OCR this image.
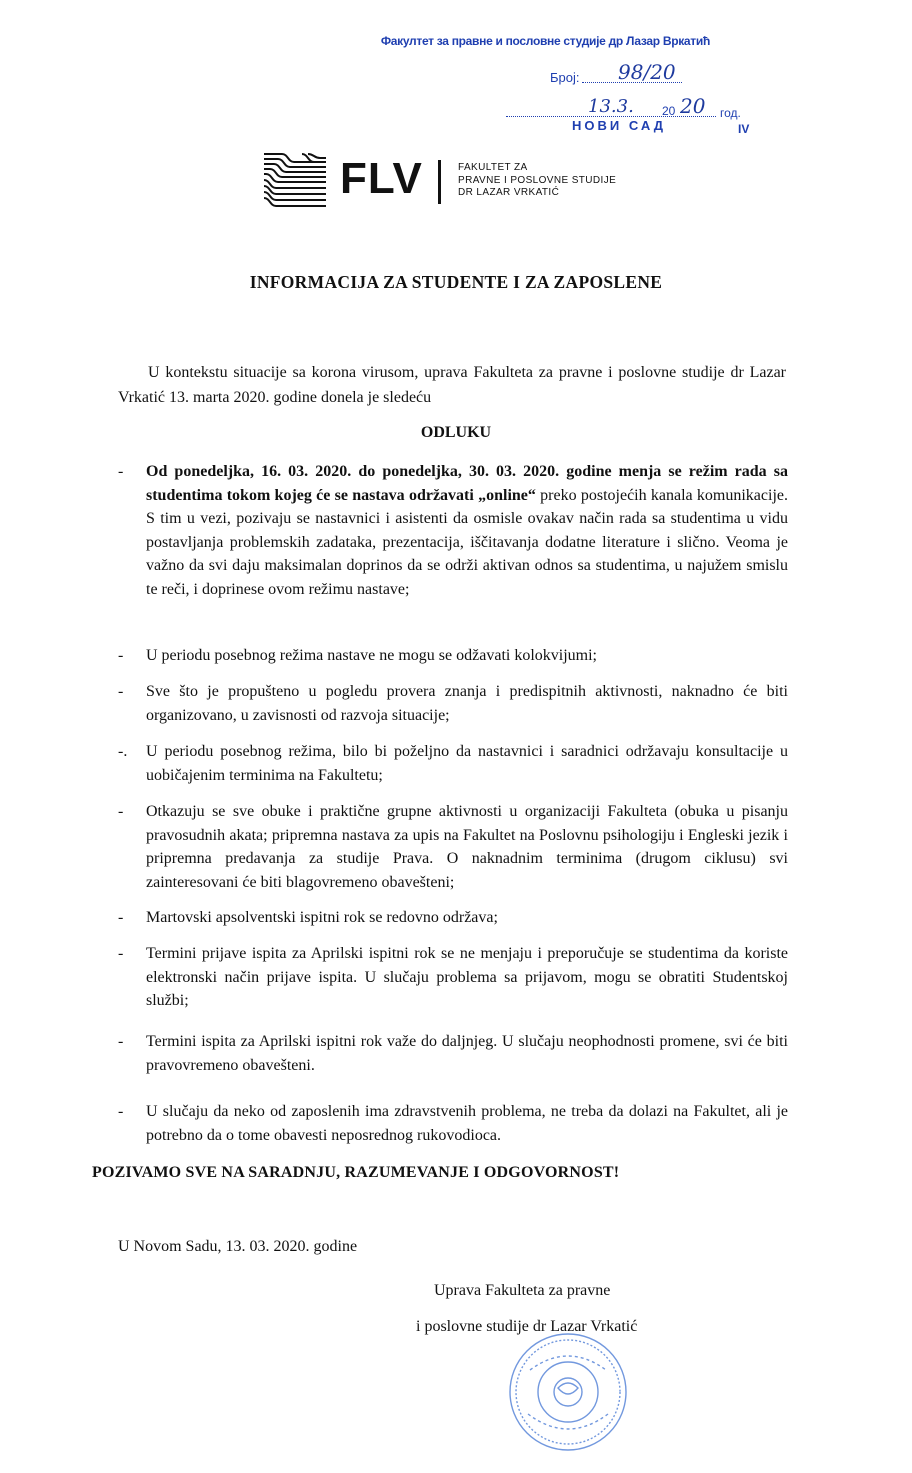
Факултет за правне и пословне студије др Лазар Вркатић
Број: 98/20
13.3. 20 20 год.
НОВИ САД	IV
FLV	FAKULTET ZA
PRAVNE I POSLOVNE STUDIJE
DR LAZAR VRKATIĆ
INFORMACIJA ZA STUDENTE I ZA ZAPOSLENE
U kontekstu situacije sa korona virusom, uprava Fakulteta za pravne i poslovne studije dr Lazar Vrkatić 13. marta 2020. godine donela je sledeću
ODLUKU
- Od ponedeljka, 16. 03. 2020. do ponedeljka, 30. 03. 2020. godine menja se režim rada sa studentima tokom kojeg će se nastava održavati „online“ preko postojećih kanala komunikacije. S tim u vezi, pozivaju se nastavnici i asistenti da osmisle ovakav način rada sa studentima u vidu postavljanja problemskih zadataka, prezentacija, iščitavanja dodatne literature i slično. Veoma je važno da svi daju maksimalan doprinos da se održi aktivan odnos sa studentima, u najužem smislu te reči, i doprinese ovom režimu nastave;
- U periodu posebnog režima nastave ne mogu se odžavati kolokvijumi;
- Sve što je propušteno u pogledu provera znanja i predispitnih aktivnosti, naknadno će biti organizovano, u zavisnosti od razvoja situacije;
-. U periodu posebnog režima, bilo bi poželjno da nastavnici i saradnici održavaju konsultacije u uobičajenim terminima na Fakultetu;
- Otkazuju se sve obuke i praktične grupne aktivnosti u organizaciji Fakulteta (obuka u pisanju pravosudnih akata; pripremna nastava za upis na Fakultet na Poslovnu psihologiju i Engleski jezik i pripremna predavanja za studije Prava. O naknadnim terminima (drugom ciklusu) svi zainteresovani će biti blagovremeno obavešteni;
- Martovski apsolventski ispitni rok se redovno održava;
- Termini prijave ispita za Aprilski ispitni rok se ne menjaju i preporučuje se studentima da koriste elektronski način prijave ispita. U slučaju problema sa prijavom, mogu se obratiti Studentskoj službi;
- Termini ispita za Aprilski ispitni rok važe do daljnjeg. U slučaju neophodnosti promene, svi će biti pravovremeno obavešteni.
- U slučaju da neko od zaposlenih ima zdravstvenih problema, ne treba da dolazi na Fakultet, ali je potrebno da o tome obavesti neposrednog rukovodioca.
POZIVAMO SVE NA SARADNJU, RAZUMEVANJE I ODGOVORNOST!
U Novom Sadu, 13. 03. 2020. godine
Uprava Fakulteta za pravne
i poslovne studije dr Lazar Vrkatić
